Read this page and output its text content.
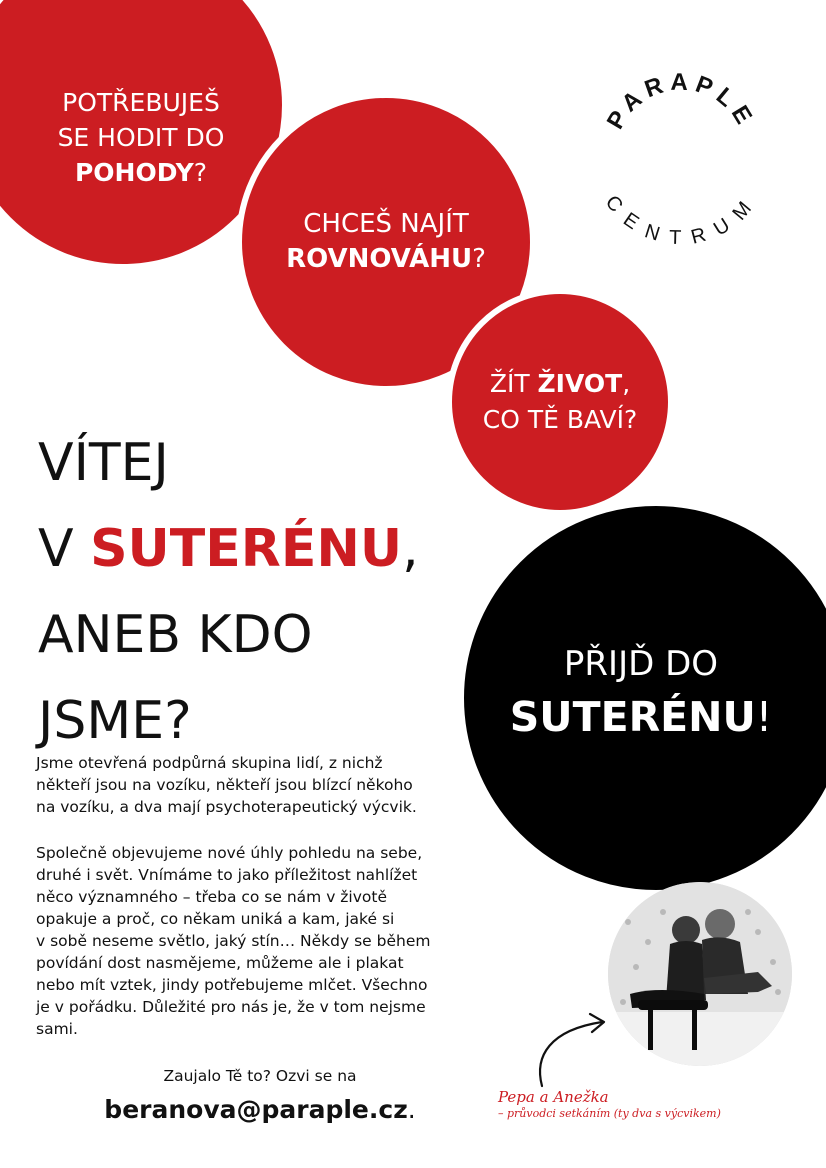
POTŘEBUJEŠ
SE HODIT DO
POHODY?
CHCEŠ NAJÍT
ROVNOVÁHU?
ŽÍT ŽIVOT,
CO TĚ BAVÍ?
PŘIJĎ DO
SUTERÉNU!
PARAPLE
CENTRUM
VÍTEJ
V SUTERÉNU,
ANEB KDO
JSME?
Jsme otevřená podpůrná skupina lidí, z nichž
někteří jsou na vozíku, někteří jsou blízcí někoho
na vozíku, a dva mají psychoterapeutický výcvik.
Společně objevujeme nové úhly pohledu na sebe,
druhé i svět. Vnímáme to jako příležitost nahlížet
něco významného – třeba co se nám v životě
opakuje a proč, co někam uniká a kam, jaké si
v sobě neseme světlo, jaký stín… Někdy se během
povídání dost nasmějeme, můžeme ale i plakat
nebo mít vztek, jindy potřebujeme mlčet. Všechno
je v pořádku. Důležité pro nás je, že v tom nejsme
sami.
Zaujalo Tě to? Ozvi se na
beranova@paraple.cz.	Pepa a Anežka
– průvodci setkáním (ty dva s výcvikem)
